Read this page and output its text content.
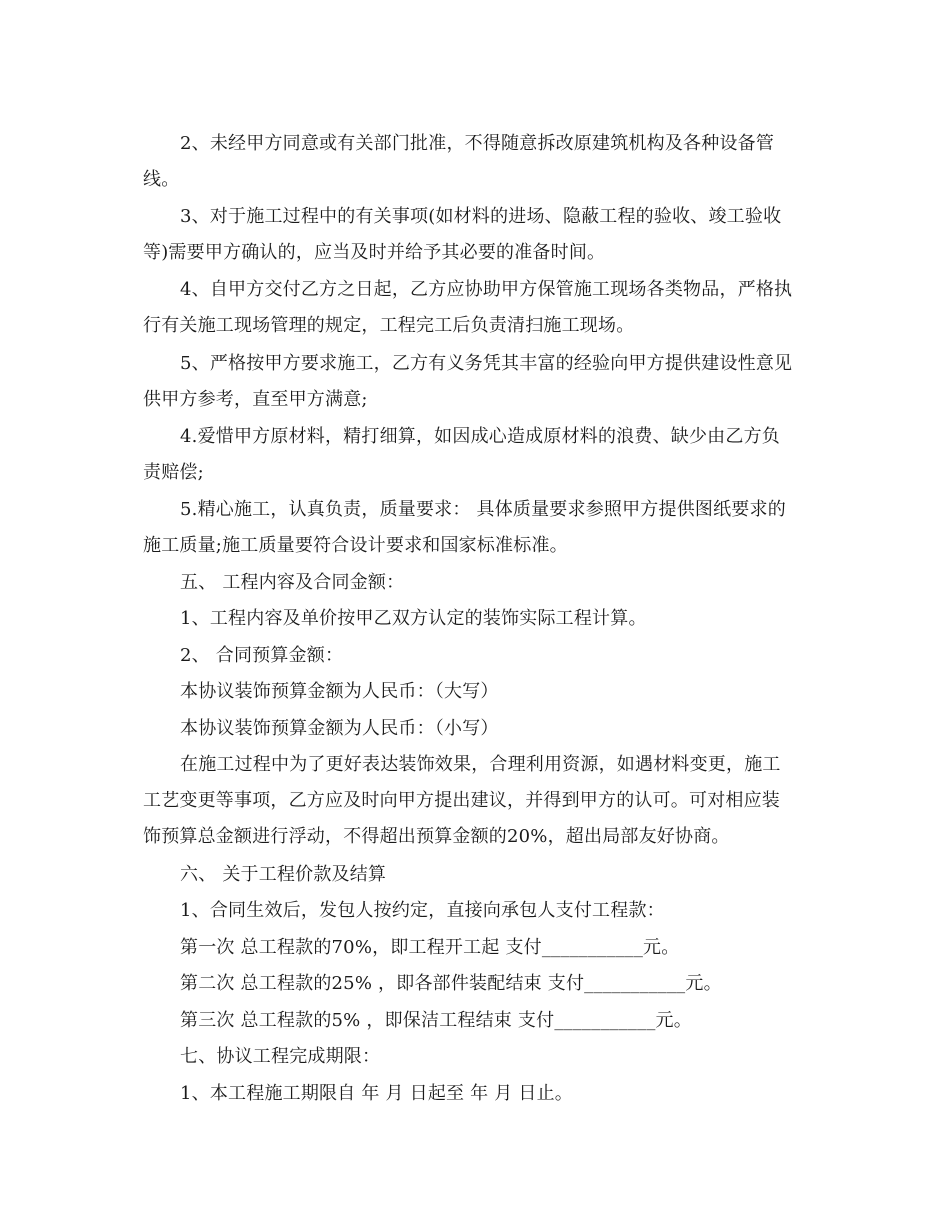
2、未经甲方同意或有关部门批准，不得随意拆改原建筑机构及各种设备管线。

3、对于施工过程中的有关事项(如材料的进场、隐蔽工程的验收、竣工验收等)需要甲方确认的，应当及时并给予其必要的准备时间。

4、自甲方交付乙方之日起，乙方应协助甲方保管施工现场各类物品，严格执行有关施工现场管理的规定，工程完工后负责清扫施工现场。

5、严格按甲方要求施工，乙方有义务凭其丰富的经验向甲方提供建设性意见供甲方参考，直至甲方满意;

4.爱惜甲方原材料，精打细算，如因成心造成原材料的浪费、缺少由乙方负责赔偿;

5.精心施工，认真负责，质量要求： 具体质量要求参照甲方提供图纸要求的施工质量;施工质量要符合设计要求和国家标准标准。

五、 工程内容及合同金额：

1、工程内容及单价按甲乙双方认定的装饰实际工程计算。

2、 合同预算金额：

本协议装饰预算金额为人民币：（大写）

本协议装饰预算金额为人民币：（小写）

在施工过程中为了更好表达装饰效果，合理利用资源，如遇材料变更，施工工艺变更等事项，乙方应及时向甲方提出建议，并得到甲方的认可。可对相应装饰预算总金额进行浮动，不得超出预算金额的20%，超出局部友好协商。

六、 关于工程价款及结算

1、合同生效后，发包人按约定，直接向承包人支付工程款：

第一次 总工程款的70%，即工程开工起 支付___________元。

第二次 总工程款的25% ，即各部件装配结束 支付___________元。

第三次 总工程款的5% ，即保洁工程结束 支付___________元。

七、协议工程完成期限：

1、本工程施工期限自 年 月 日起至 年 月 日止。
